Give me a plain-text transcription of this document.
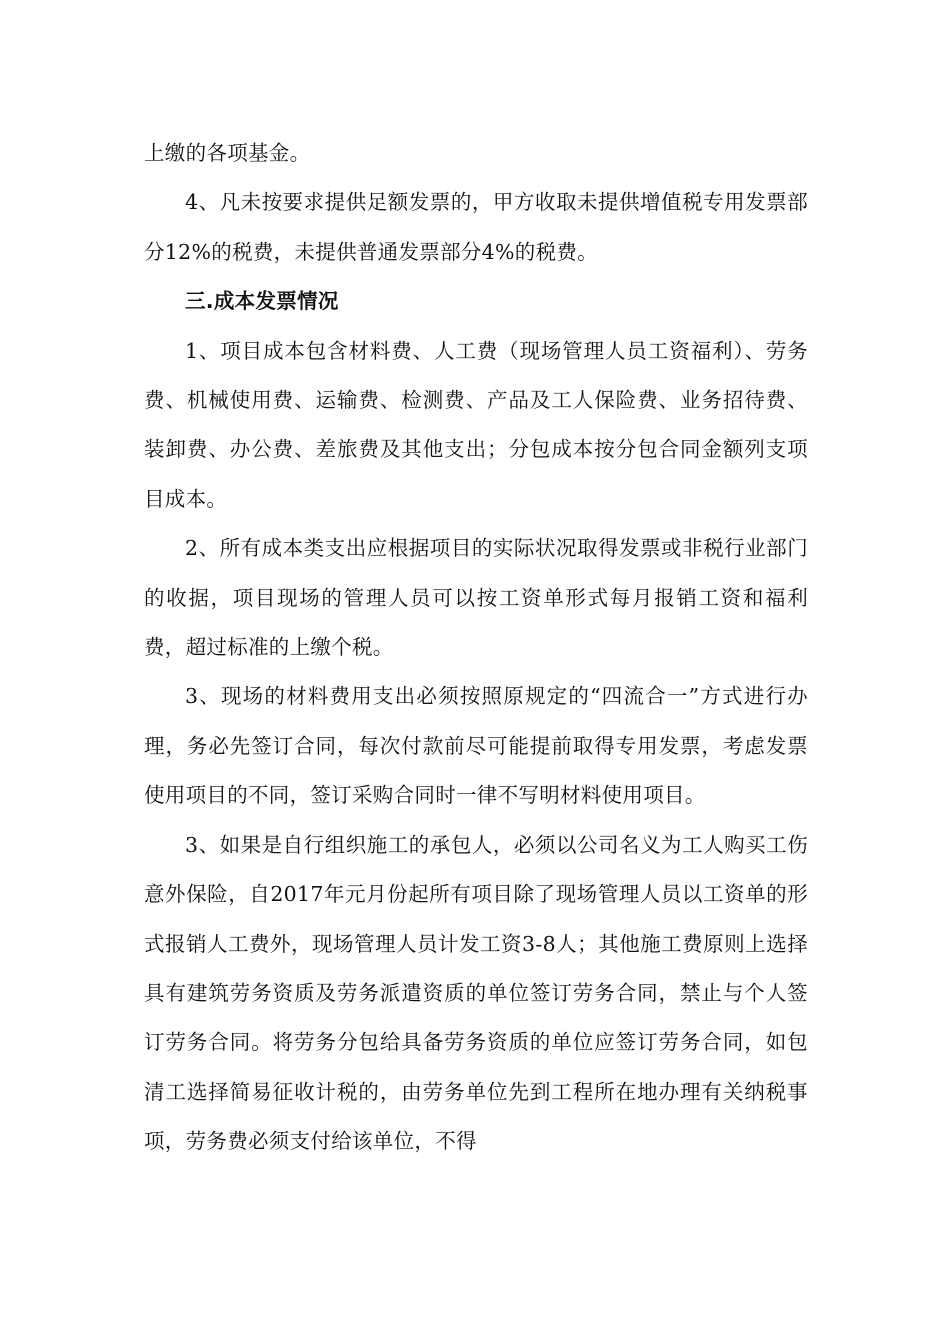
上缴的各项基金。

4、凡未按要求提供足额发票的，甲方收取未提供增值税专用发票部分12%的税费，未提供普通发票部分4%的税费。

三.成本发票情况

1、项目成本包含材料费、人工费（现场管理人员工资福利）、劳务费、机械使用费、运输费、检测费、产品及工人保险费、业务招待费、装卸费、办公费、差旅费及其他支出；分包成本按分包合同金额列支项目成本。

2、所有成本类支出应根据项目的实际状况取得发票或非税行业部门的收据，项目现场的管理人员可以按工资单形式每月报销工资和福利费，超过标准的上缴个税。

3、现场的材料费用支出必须按照原规定的“四流合一”方式进行办理，务必先签订合同，每次付款前尽可能提前取得专用发票，考虑发票使用项目的不同，签订采购合同时一律不写明材料使用项目。

3、如果是自行组织施工的承包人，必须以公司名义为工人购买工伤意外保险，自2017年元月份起所有项目除了现场管理人员以工资单的形式报销人工费外，现场管理人员计发工资3-8人；其他施工费原则上选择具有建筑劳务资质及劳务派遣资质的单位签订劳务合同，禁止与个人签订劳务合同。将劳务分包给具备劳务资质的单位应签订劳务合同，如包清工选择简易征收计税的，由劳务单位先到工程所在地办理有关纳税事项，劳务费必须支付给该单位，不得
